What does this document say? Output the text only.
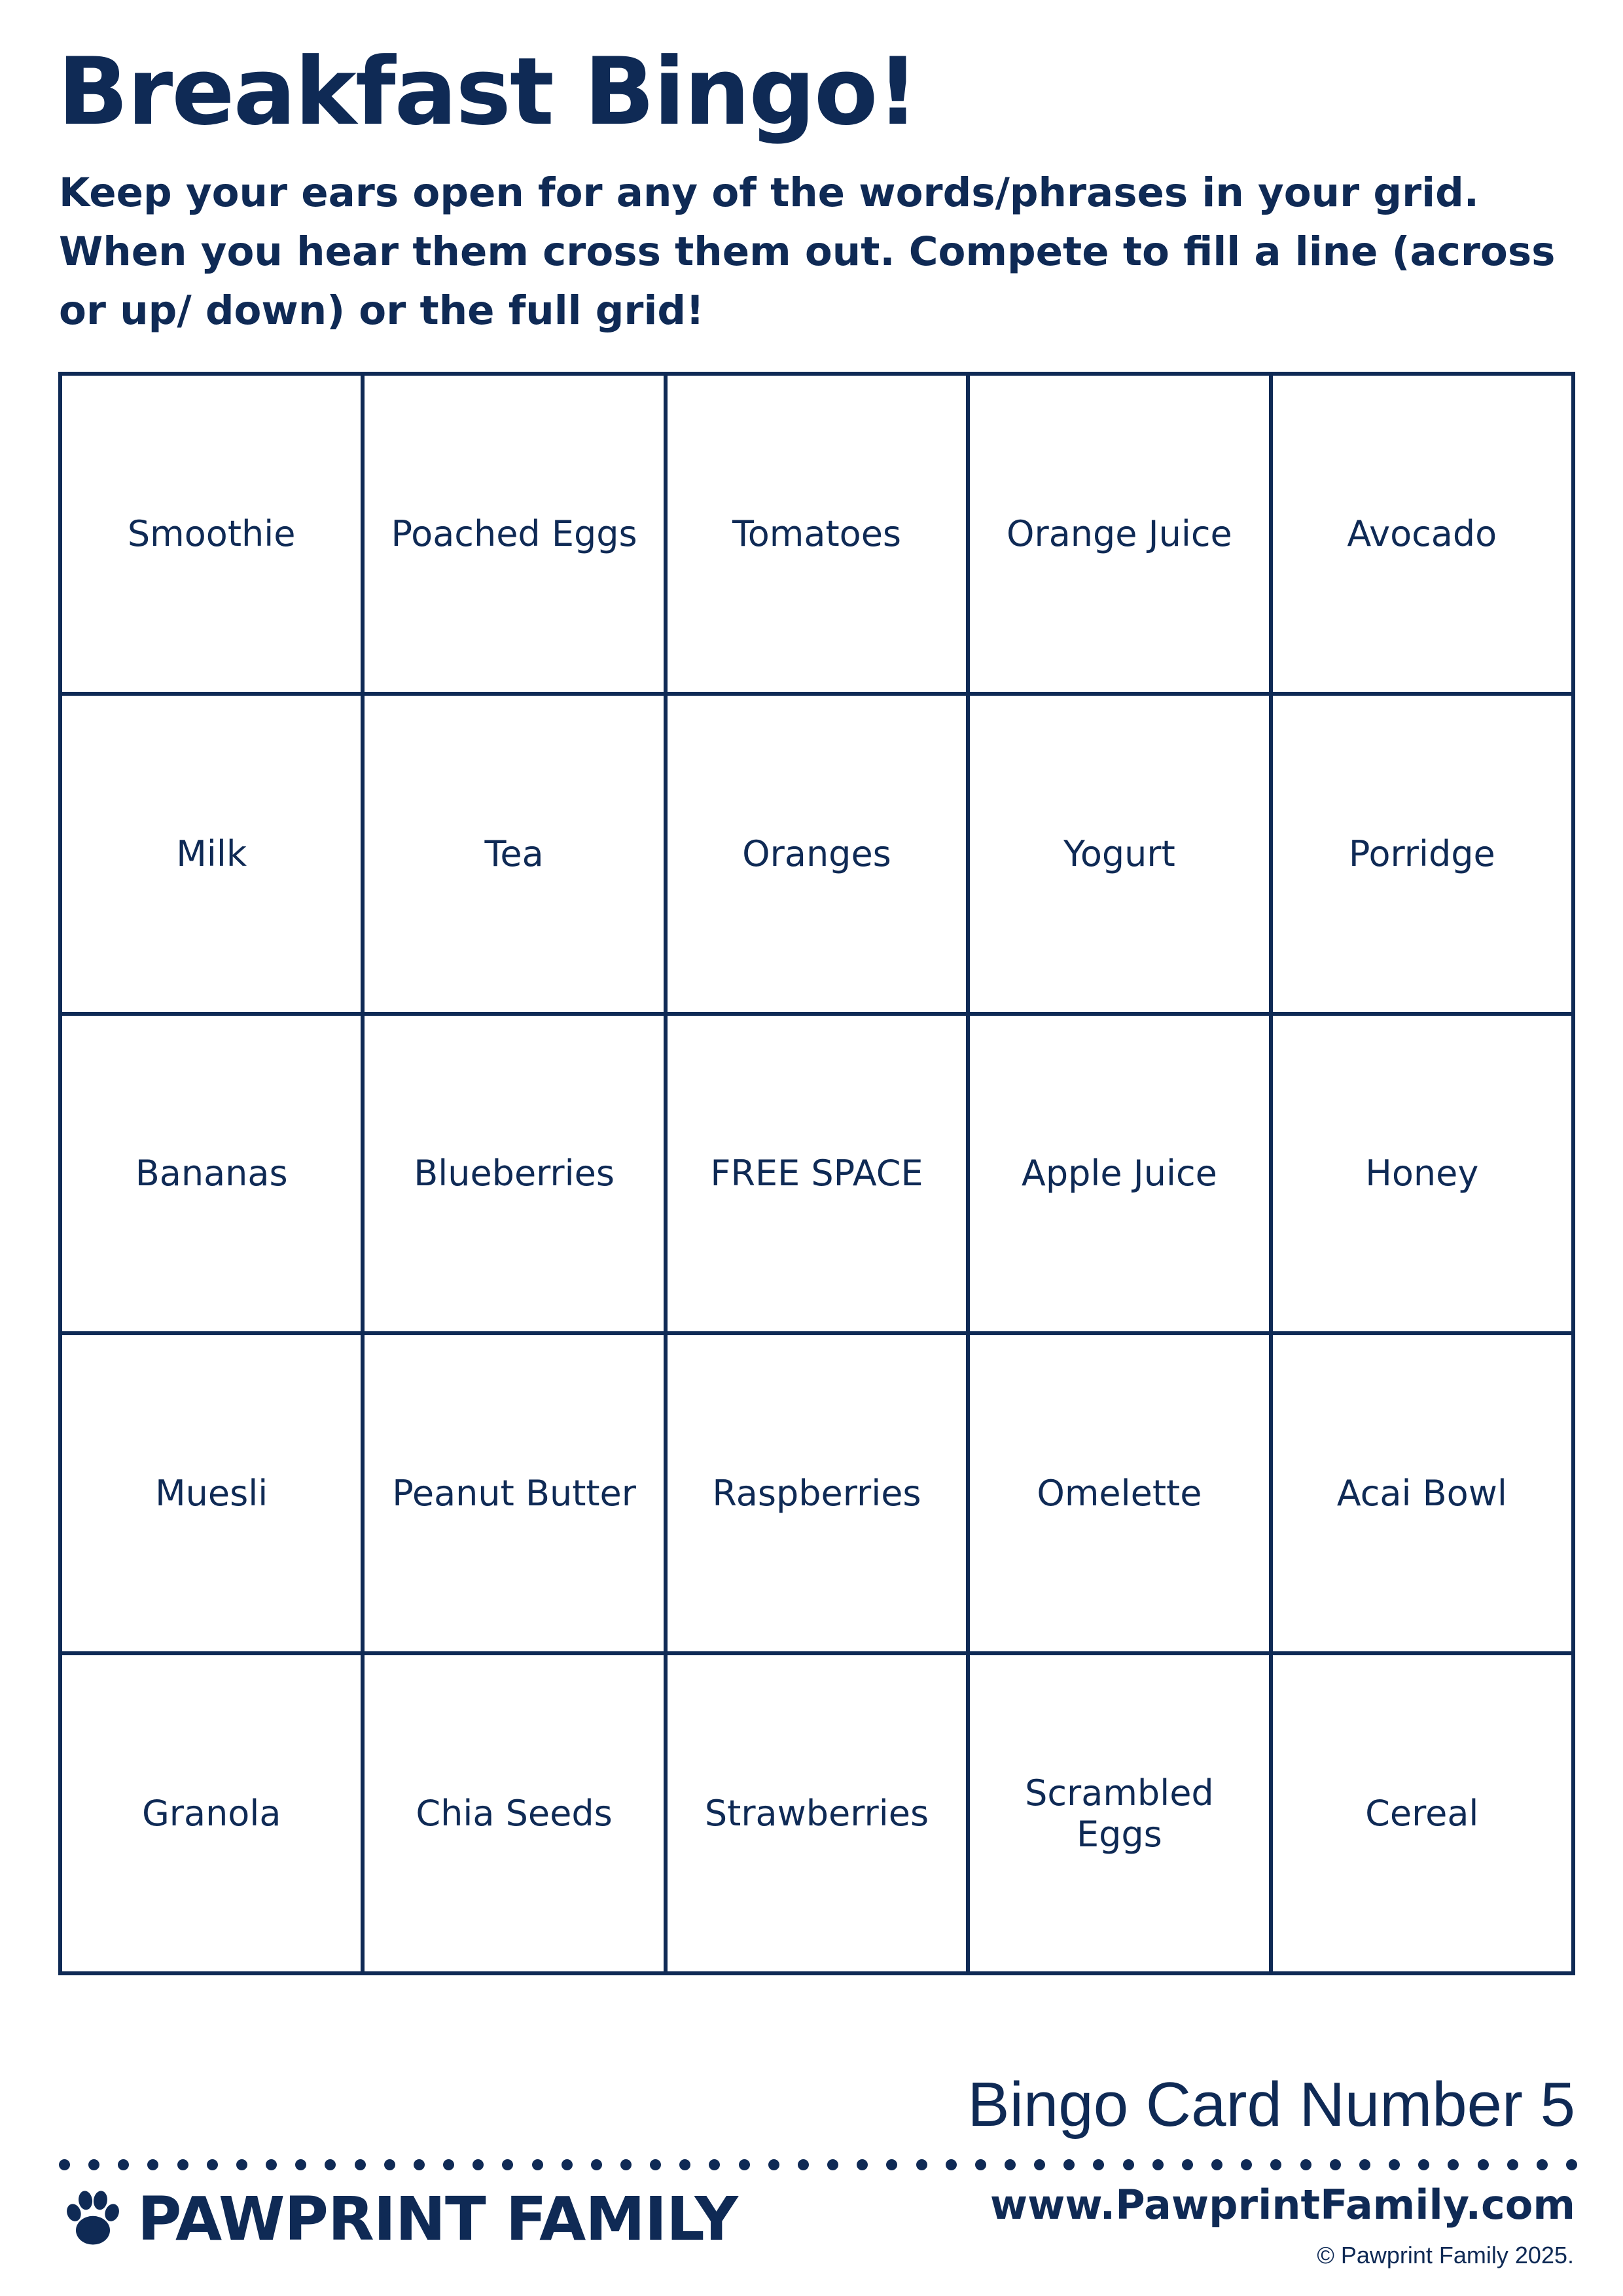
Breakfast Bingo!

Keep your ears open for any of the words/phrases in your grid. When you hear them cross them out. Compete to fill a line (across or up/ down) or the full grid!

Smoothie	Poached Eggs	Tomatoes	Orange Juice	Avocado
Milk	Tea	Oranges	Yogurt	Porridge
Bananas	Blueberries	FREE SPACE	Apple Juice	Honey
Muesli	Peanut Butter	Raspberries	Omelette	Acai Bowl
Granola	Chia Seeds	Strawberries	Scrambled Eggs	Cereal

Bingo Card Number 5

PAWPRINT FAMILY	www.PawprintFamily.com

© Pawprint Family 2025.
